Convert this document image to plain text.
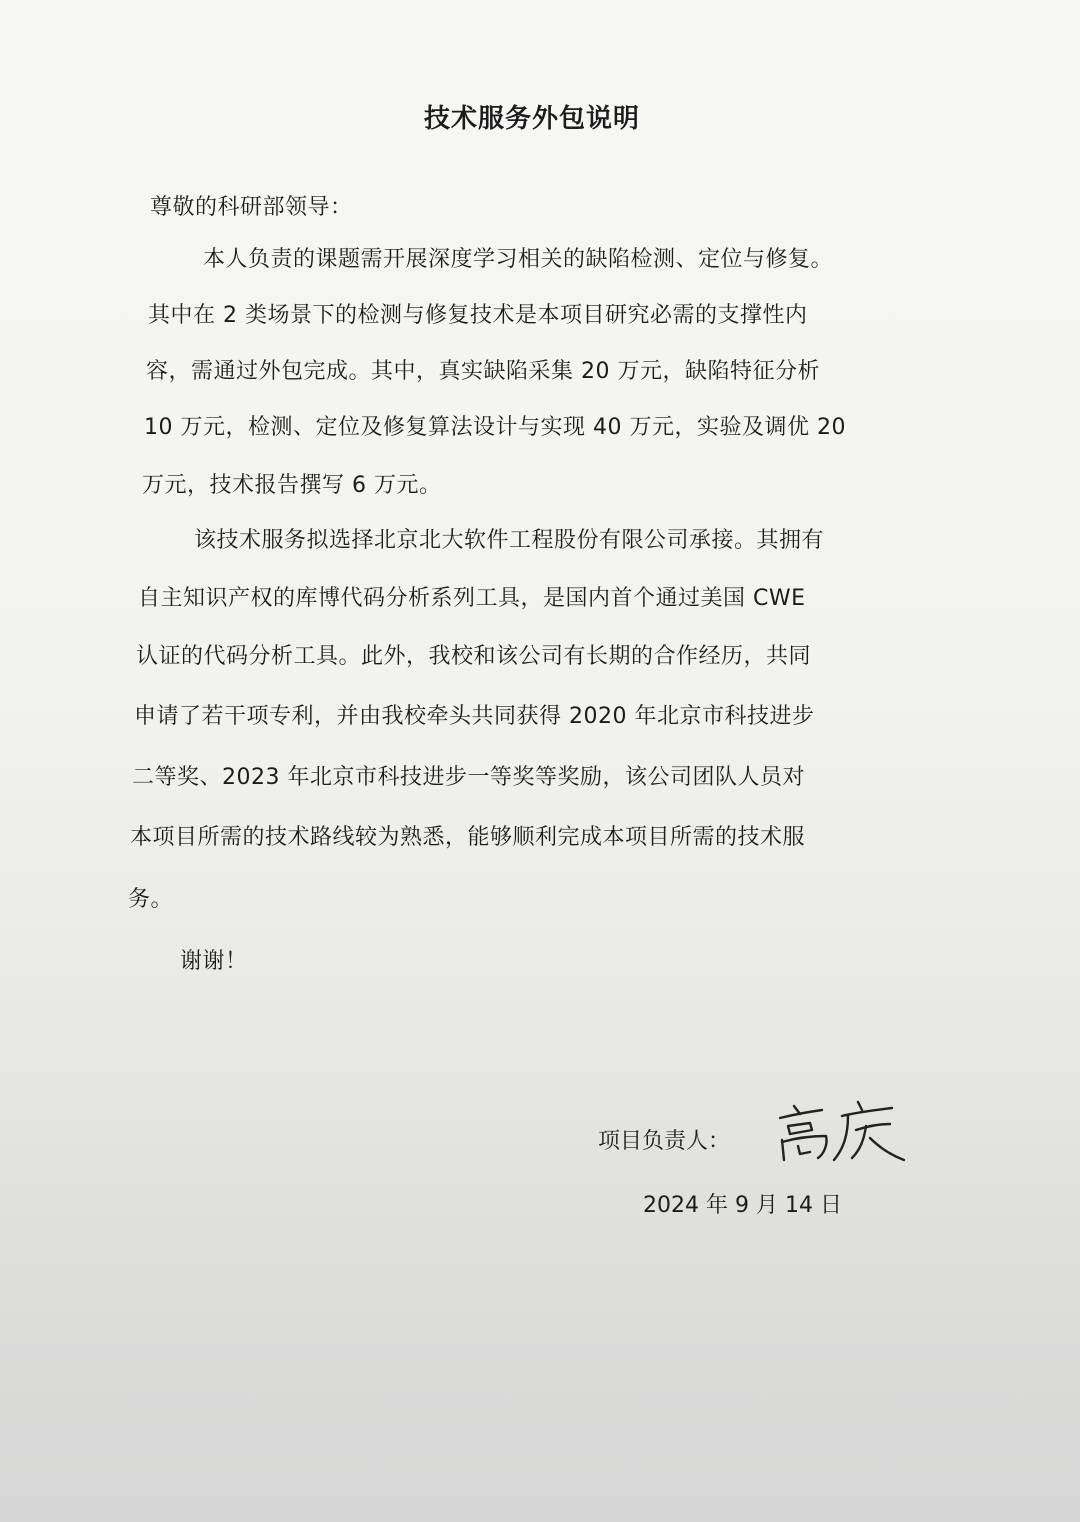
技术服务外包说明
尊敬的科研部领导：
本人负责的课题需开展深度学习相关的缺陷检测、定位与修复。
其中在 2 类场景下的检测与修复技术是本项目研究必需的支撑性内
容，需通过外包完成。其中，真实缺陷采集 20 万元，缺陷特征分析
10 万元，检测、定位及修复算法设计与实现 40 万元，实验及调优 20
万元，技术报告撰写 6 万元。
该技术服务拟选择北京北大软件工程股份有限公司承接。其拥有
自主知识产权的库博代码分析系列工具，是国内首个通过美国 CWE
认证的代码分析工具。此外，我校和该公司有长期的合作经历，共同
申请了若干项专利，并由我校牵头共同获得 2020 年北京市科技进步
二等奖、2023 年北京市科技进步一等奖等奖励，该公司团队人员对
本项目所需的技术路线较为熟悉，能够顺利完成本项目所需的技术服
务。
谢谢！
项目负责人：
2024 年 9 月 14 日
